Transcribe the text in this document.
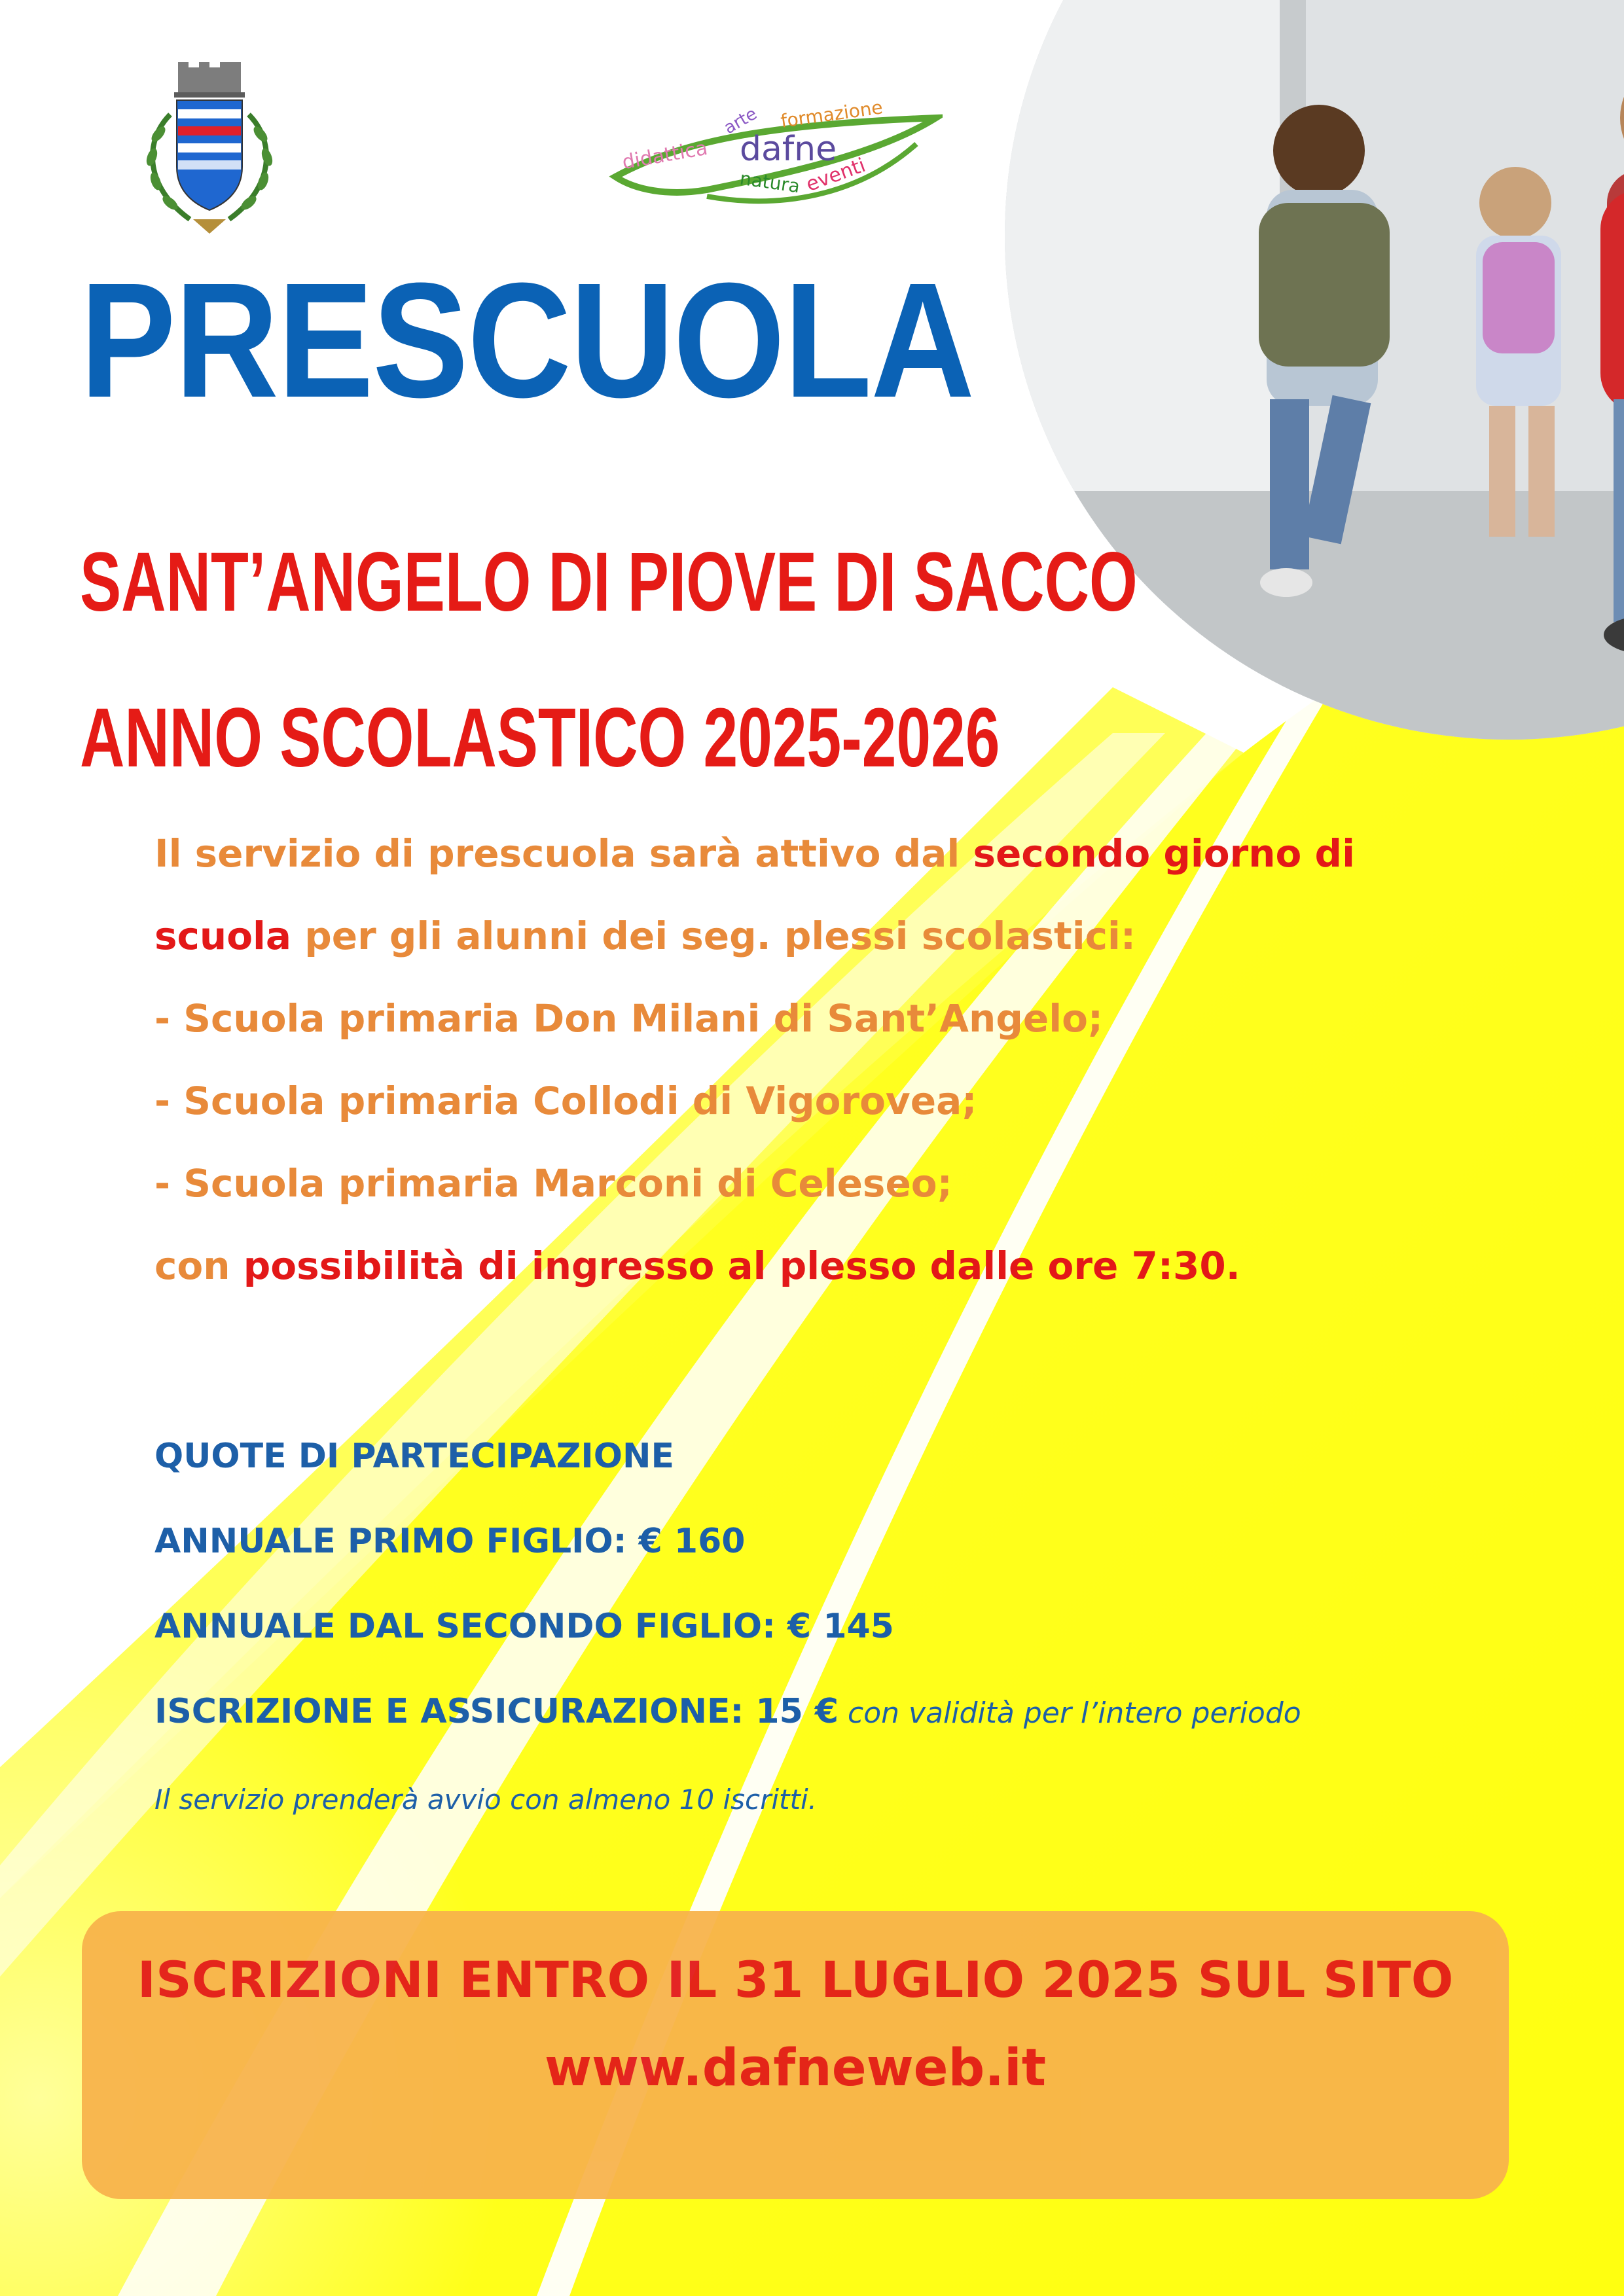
didattica
arte formazione
dafne
natura eventi
PRESCUOLA
SANT’ANGELO DI PIOVE DI SACCO
ANNO SCOLASTICO 2025-2026
Il servizio di prescuola sarà attivo dal secondo giorno di
scuola per gli alunni dei seg. plessi scolastici:
- Scuola primaria Don Milani di Sant’Angelo;
- Scuola primaria Collodi di Vigorovea;
- Scuola primaria Marconi di Celeseo;
con possibilità di ingresso al plesso dalle ore 7:30.
QUOTE DI PARTECIPAZIONE
ANNUALE PRIMO FIGLIO: € 160
ANNUALE DAL SECONDO FIGLIO: € 145
ISCRIZIONE E ASSICURAZIONE: 15 € con validità per l’intero periodo
Il servizio prenderà avvio con almeno 10 iscritti.
ISCRIZIONI ENTRO IL 31 LUGLIO 2025 SUL SITO
www.dafneweb.it
